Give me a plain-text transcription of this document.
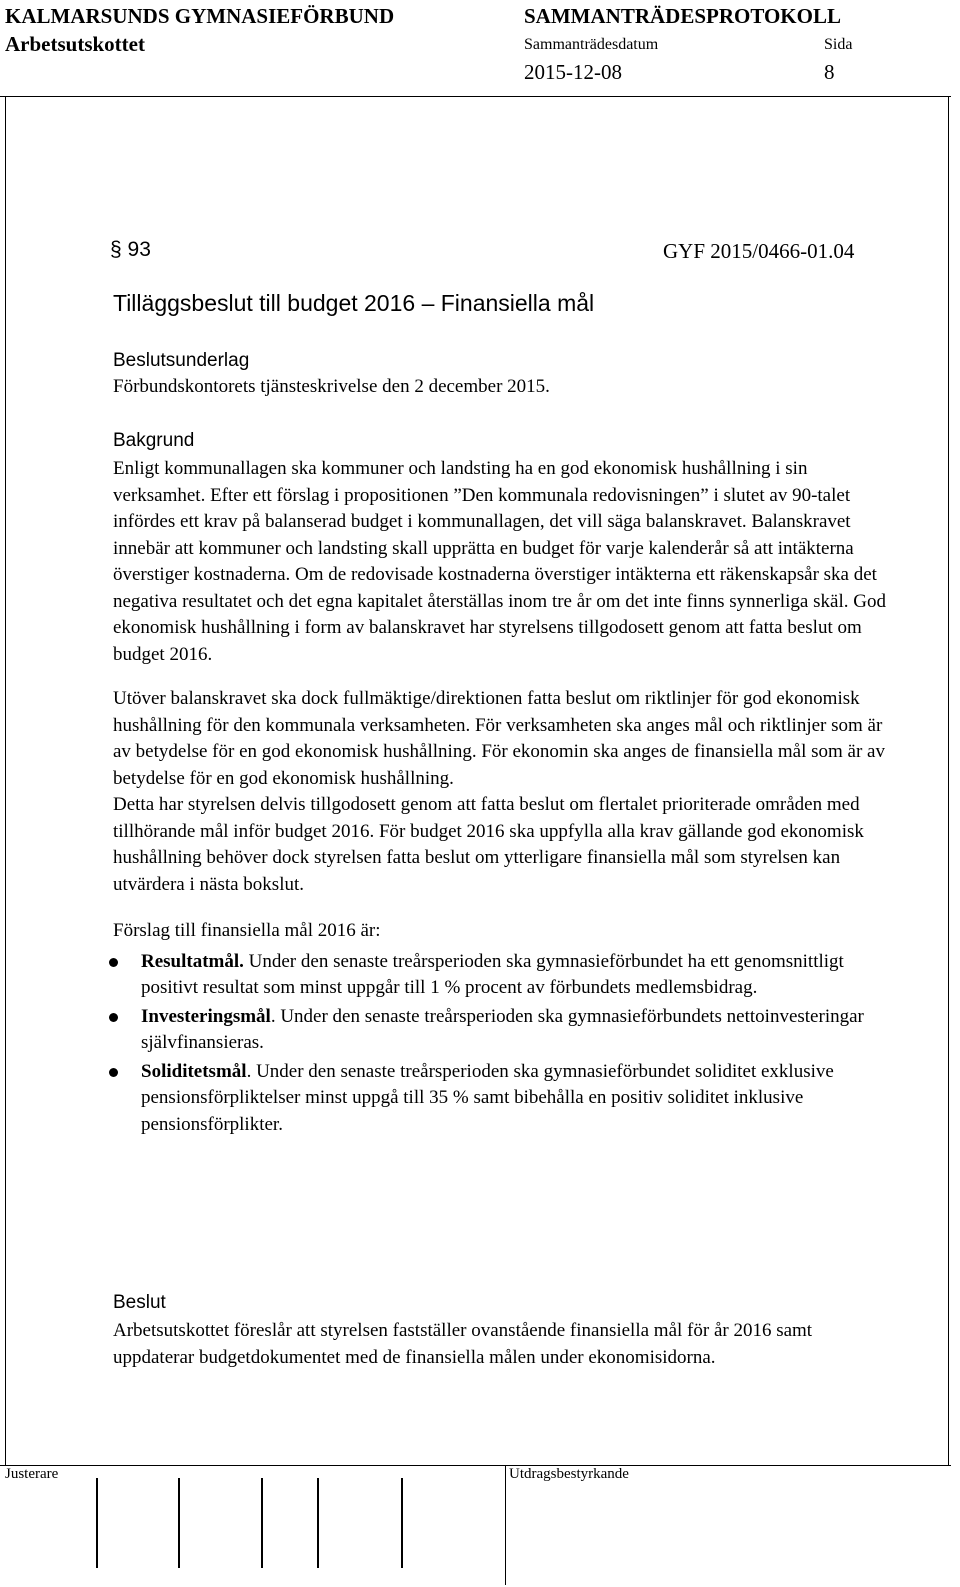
KALMARSUNDS GYMNASIEFÖRBUND	SAMMANTRÄDESPROTOKOLL
Arbetsutskottet	Sammanträdesdatum	Sida
2015-12-08	8
§ 93	GYF 2015/0466-01.04
Tilläggsbeslut till budget 2016 – Finansiella mål
Beslutsunderlag
Förbundskontorets tjänsteskrivelse den 2 december 2015.
Bakgrund

Enligt kommunallagen ska kommuner och landsting ha en god ekonomisk hushållning i sin verksamhet. Efter ett förslag i propositionen ”Den kommunala redovisningen” i slutet av 90-talet infördes ett krav på balanserad budget i kommunallagen, det vill säga balanskravet. Balanskravet innebär att kommuner och landsting skall upprätta en budget för varje kalenderår så att intäkterna överstiger kostnaderna. Om de redovisade kostnaderna överstiger intäkterna ett räkenskapsår ska det negativa resultatet och det egna kapitalet återställas inom tre år om det inte finns synnerliga skäl. God ekonomisk hushållning i form av balanskravet har styrelsens tillgodosett genom att fatta beslut om budget 2016.

Utöver balanskravet ska dock fullmäktige/direktionen fatta beslut om riktlinjer för god ekonomisk hushållning för den kommunala verksamheten. För verksamheten ska anges mål och riktlinjer som är av betydelse för en god ekonomisk hushållning. För ekonomin ska anges de finansiella mål som är av betydelse för en god ekonomisk hushållning.

Detta har styrelsen delvis tillgodosett genom att fatta beslut om flertalet prioriterade områden med tillhörande mål inför budget 2016. För budget 2016 ska uppfylla alla krav gällande god ekonomisk hushållning behöver dock styrelsen fatta beslut om ytterligare finansiella mål som styrelsen kan utvärdera i nästa bokslut.

Förslag till finansiella mål 2016 är:

Resultatmål. Under den senaste treårsperioden ska gymnasieförbundet ha ett genomsnittligt positivt resultat som minst uppgår till 1 % procent av förbundets medlemsbidrag.
Investeringsmål. Under den senaste treårsperioden ska gymnasieförbundets nettoinvesteringar självfinansieras.
Soliditetsmål. Under den senaste treårsperioden ska gymnasieförbundet soliditet exklusive pensionsförpliktelser minst uppgå till 35 % samt bibehålla en positiv soliditet inklusive pensionsförplikter.
Beslut
Arbetsutskottet föreslår att styrelsen fastställer ovanstående finansiella mål för år 2016 samt uppdaterar budgetdokumentet med de finansiella målen under ekonomisidorna.
Justerare	Utdragsbestyrkande
